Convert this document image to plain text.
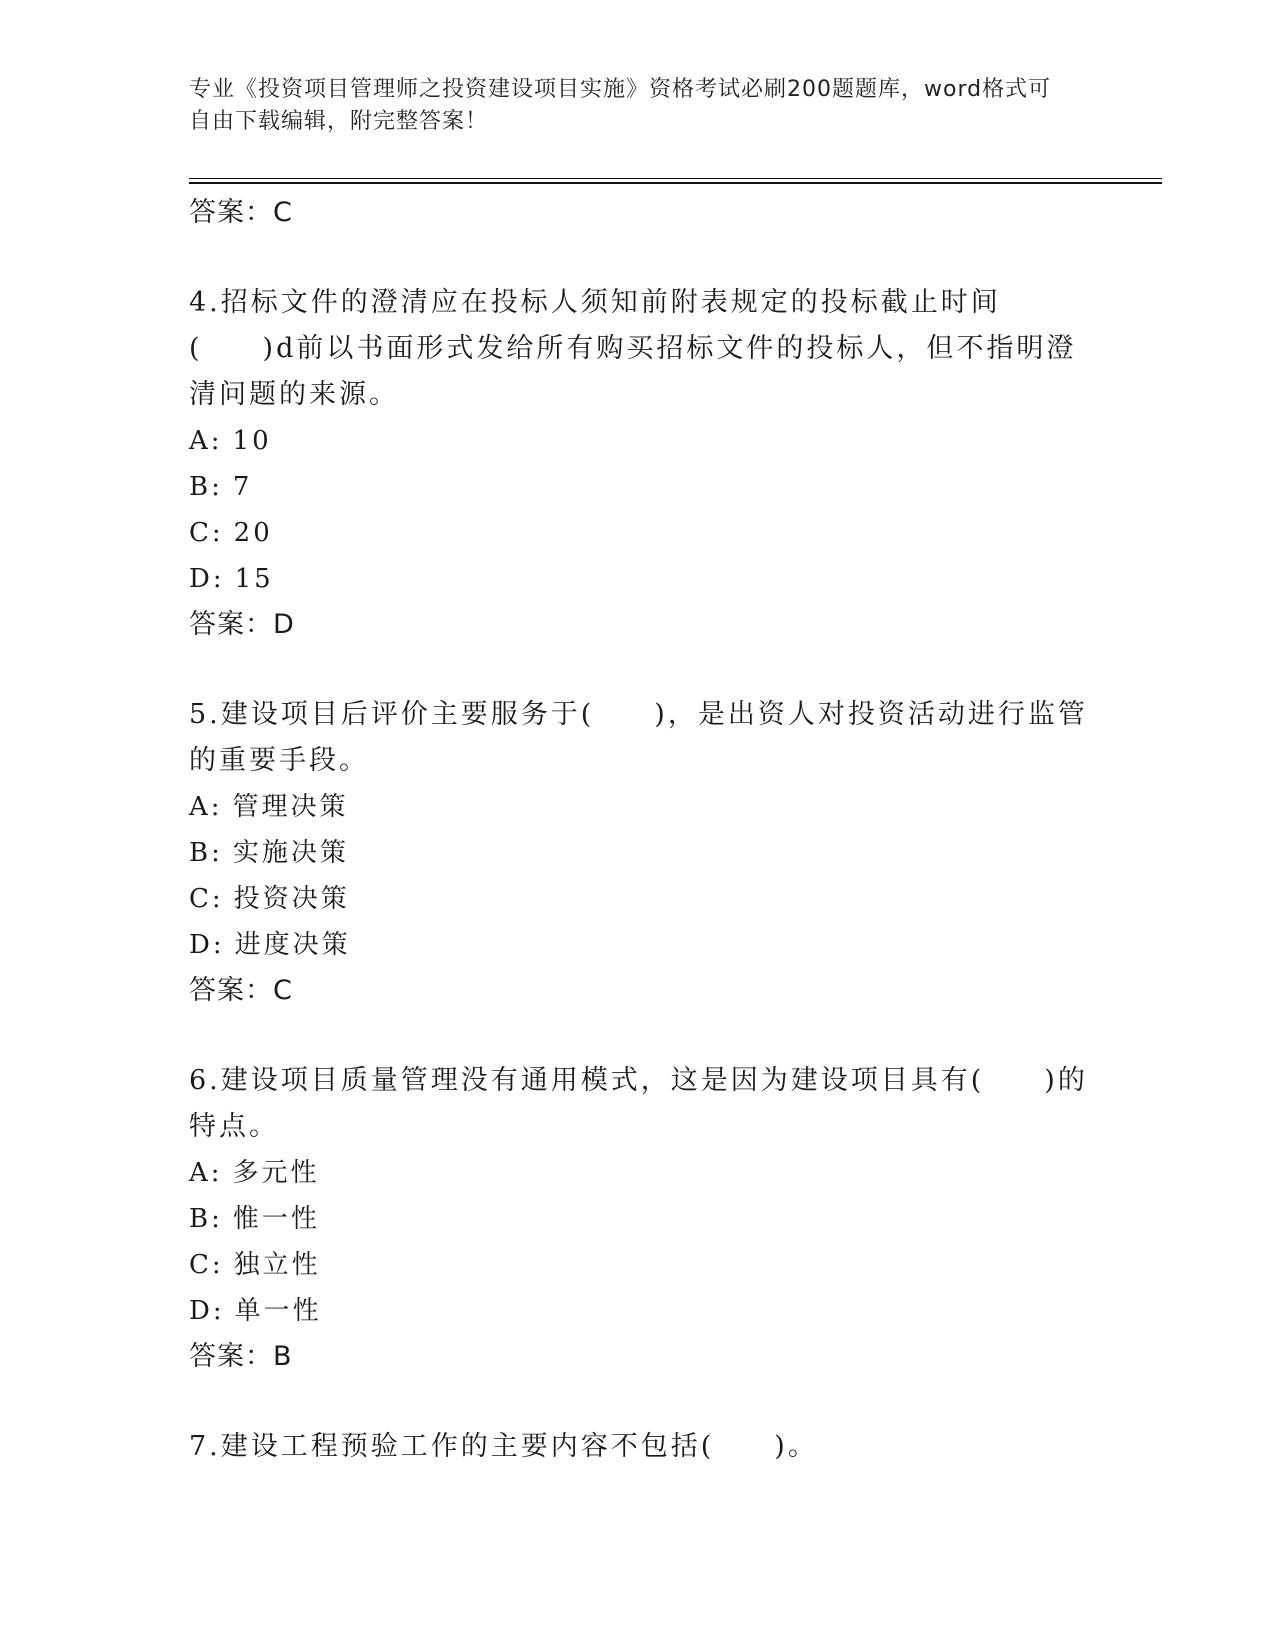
专业《投资项目管理师之投资建设项目实施》资格考试必刷200题题库，word格式可自由下载编辑，附完整答案！

答案：C

4.招标文件的澄清应在投标人须知前附表规定的投标截止时间(　　)d前以书面形式发给所有购买招标文件的投标人，但不指明澄清问题的来源。

A: 10

B: 7

C: 20

D: 15

答案：D

5.建设项目后评价主要服务于(　　)，是出资人对投资活动进行监管的重要手段。

A: 管理决策

B: 实施决策

C: 投资决策

D: 进度决策

答案：C

6.建设项目质量管理没有通用模式，这是因为建设项目具有(　　)的特点。

A: 多元性

B: 惟一性

C: 独立性

D: 单一性

答案：B

7.建设工程预验工作的主要内容不包括(　　)。
